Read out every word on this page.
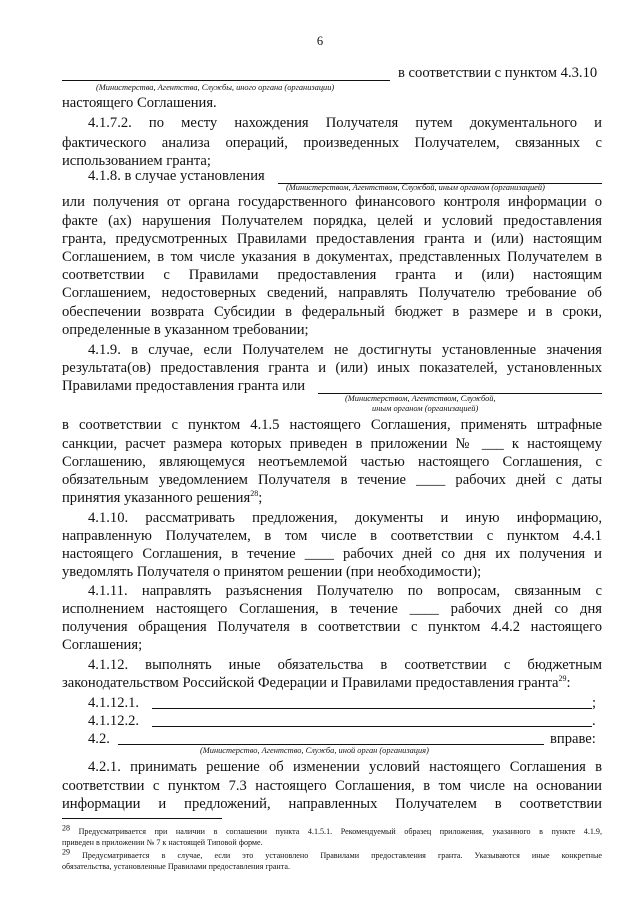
6
в соответствии с пунктом 4.3.10
(Министерства, Агентства, Службы, иного органа (организации)
настоящего Соглашения.
4.1.7.2. по месту нахождения Получателя путем документального и
фактического анализа операций, произведенных Получателем, связанных с
использованием гранта;
4.1.8. в случае установления
(Министерством, Агентством, Службой, иным органом (организацией)
или получения от органа государственного финансового контроля информации о
факте (ах) нарушения Получателем порядка, целей и условий предоставления
гранта, предусмотренных Правилами предоставления гранта и (или) настоящим
Соглашением, в том числе указания в документах, представленных Получателем в
соответствии с Правилами предоставления гранта и (или) настоящим
Соглашением, недостоверных сведений, направлять Получателю требование об
обеспечении возврата Субсидии в федеральный бюджет в размере и в сроки,
определенные в указанном требовании;
4.1.9. в случае, если Получателем не достигнуты установленные значения
результата(ов) предоставления гранта и (или) иных показателей, установленных
Правилами предоставления гранта или
(Министерством, Агентством, Службой,
иным органом (организацией)
в соответствии с пунктом 4.1.5 настоящего Соглашения, применять штрафные
санкции, расчет размера которых приведен в приложении № ___ к настоящему
Соглашению, являющемуся неотъемлемой частью настоящего Соглашения, с
обязательным уведомлением Получателя в течение ____ рабочих дней с даты
принятия указанного решения$^{28}$;
4.1.10. рассматривать предложения, документы и иную информацию,
направленную Получателем, в том числе в соответствии с пунктом 4.4.1
настоящего Соглашения, в течение ____ рабочих дней со дня их получения и
уведомлять Получателя о принятом решении (при необходимости);
4.1.11. направлять разъяснения Получателю по вопросам, связанным с
исполнением настоящего Соглашения, в течение ____ рабочих дней со дня
получения обращения Получателя в соответствии с пунктом 4.4.2 настоящего
Соглашения;
4.1.12. выполнять иные обязательства в соответствии с бюджетным
законодательством Российской Федерации и Правилами предоставления гранта$^{29}$:
4.1.12.1.	;
4.1.12.2.	.
4.2.	вправе:
(Министерство, Агентство, Служба, иной орган (организация)
4.2.1. принимать решение об изменении условий настоящего Соглашения в
соответствии с пунктом 7.3 настоящего Соглашения, в том числе на основании
информации и предложений, направленных Получателем в соответствии
$^{28}$ Предусматривается при наличии в соглашении пункта 4.1.5.1. Рекомендуемый образец приложения, указанного в пункте 4.1.9,
приведен в приложении № 7 к настоящей Типовой форме.
$^{29}$ Предусматривается в случае, если это установлено Правилами предоставления гранта. Указываются иные конкретные
обязательства, установленные Правилами предоставления гранта.
